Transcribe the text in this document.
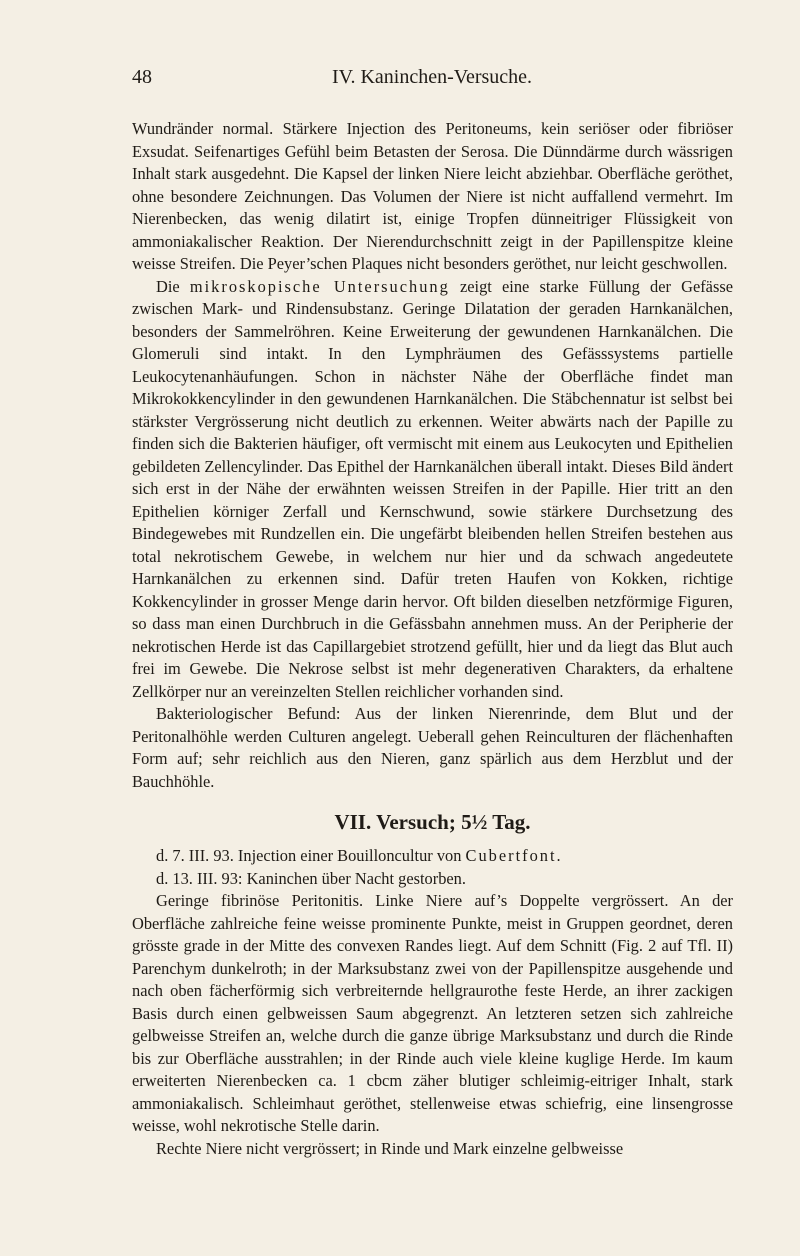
48	IV. Kaninchen-Versuche.

Wundränder normal. Stärkere Injection des Peritoneums, kein seriöser oder fibriöser Exsudat. Seifenartiges Gefühl beim Betasten der Serosa. Die Dünndärme durch wässrigen Inhalt stark ausgedehnt. Die Kapsel der linken Niere leicht abziehbar. Oberfläche geröthet, ohne besondere Zeichnungen. Das Volumen der Niere ist nicht auffallend vermehrt. Im Nierenbecken, das wenig dilatirt ist, einige Tropfen dünneitriger Flüssigkeit von ammoniakalischer Reaktion. Der Nierendurchschnitt zeigt in der Papillenspitze kleine weisse Streifen. Die Peyer’schen Plaques nicht besonders geröthet, nur leicht geschwollen.

Die mikroskopische Untersuchung zeigt eine starke Füllung der Gefässe zwischen Mark- und Rindensubstanz. Geringe Dilatation der geraden Harnkanälchen, besonders der Sammelröhren. Keine Erweiterung der gewundenen Harnkanälchen. Die Glomeruli sind intakt. In den Lymphräumen des Gefässsystems partielle Leukocytenanhäufungen. Schon in nächster Nähe der Oberfläche findet man Mikrokokkencylinder in den gewundenen Harnkanälchen. Die Stäbchennatur ist selbst bei stärkster Vergrösserung nicht deutlich zu erkennen. Weiter abwärts nach der Papille zu finden sich die Bakterien häufiger, oft vermischt mit einem aus Leukocyten und Epithelien gebildeten Zellencylinder. Das Epithel der Harnkanälchen überall intakt. Dieses Bild ändert sich erst in der Nähe der erwähnten weissen Streifen in der Papille. Hier tritt an den Epithelien körniger Zerfall und Kernschwund, sowie stärkere Durchsetzung des Bindegewebes mit Rundzellen ein. Die ungefärbt bleibenden hellen Streifen bestehen aus total nekrotischem Gewebe, in welchem nur hier und da schwach angedeutete Harnkanälchen zu erkennen sind. Dafür treten Haufen von Kokken, richtige Kokkencylinder in grosser Menge darin hervor. Oft bilden dieselben netzförmige Figuren, so dass man einen Durchbruch in die Gefässbahn annehmen muss. An der Peripherie der nekrotischen Herde ist das Capillargebiet strotzend gefüllt, hier und da liegt das Blut auch frei im Gewebe. Die Nekrose selbst ist mehr degenerativen Charakters, da erhaltene Zellkörper nur an vereinzelten Stellen reichlicher vorhanden sind.

Bakteriologischer Befund: Aus der linken Nierenrinde, dem Blut und der Peritonalhöhle werden Culturen angelegt. Ueberall gehen Reinculturen der flächenhaften Form auf; sehr reichlich aus den Nieren, ganz spärlich aus dem Herzblut und der Bauchhöhle.

VII. Versuch; 5½ Tag.

d. 7. III. 93. Injection einer Bouilloncultur von Cubertfont.

d. 13. III. 93: Kaninchen über Nacht gestorben.

Geringe fibrinöse Peritonitis. Linke Niere auf’s Doppelte vergrössert. An der Oberfläche zahlreiche feine weisse prominente Punkte, meist in Gruppen geordnet, deren grösste grade in der Mitte des convexen Randes liegt. Auf dem Schnitt (Fig. 2 auf Tfl. II) Parenchym dunkelroth; in der Marksubstanz zwei von der Papillenspitze ausgehende und nach oben fächerförmig sich verbreiternde hellgraurothe feste Herde, an ihrer zackigen Basis durch einen gelbweissen Saum abgegrenzt. An letzteren setzen sich zahlreiche gelbweisse Streifen an, welche durch die ganze übrige Marksubstanz und durch die Rinde bis zur Oberfläche ausstrahlen; in der Rinde auch viele kleine kuglige Herde. Im kaum erweiterten Nierenbecken ca. 1 cbcm zäher blutiger schleimig-eitriger Inhalt, stark ammoniakalisch. Schleimhaut geröthet, stellenweise etwas schiefrig, eine linsengrosse weisse, wohl nekrotische Stelle darin.

Rechte Niere nicht vergrössert; in Rinde und Mark einzelne gelbweisse
